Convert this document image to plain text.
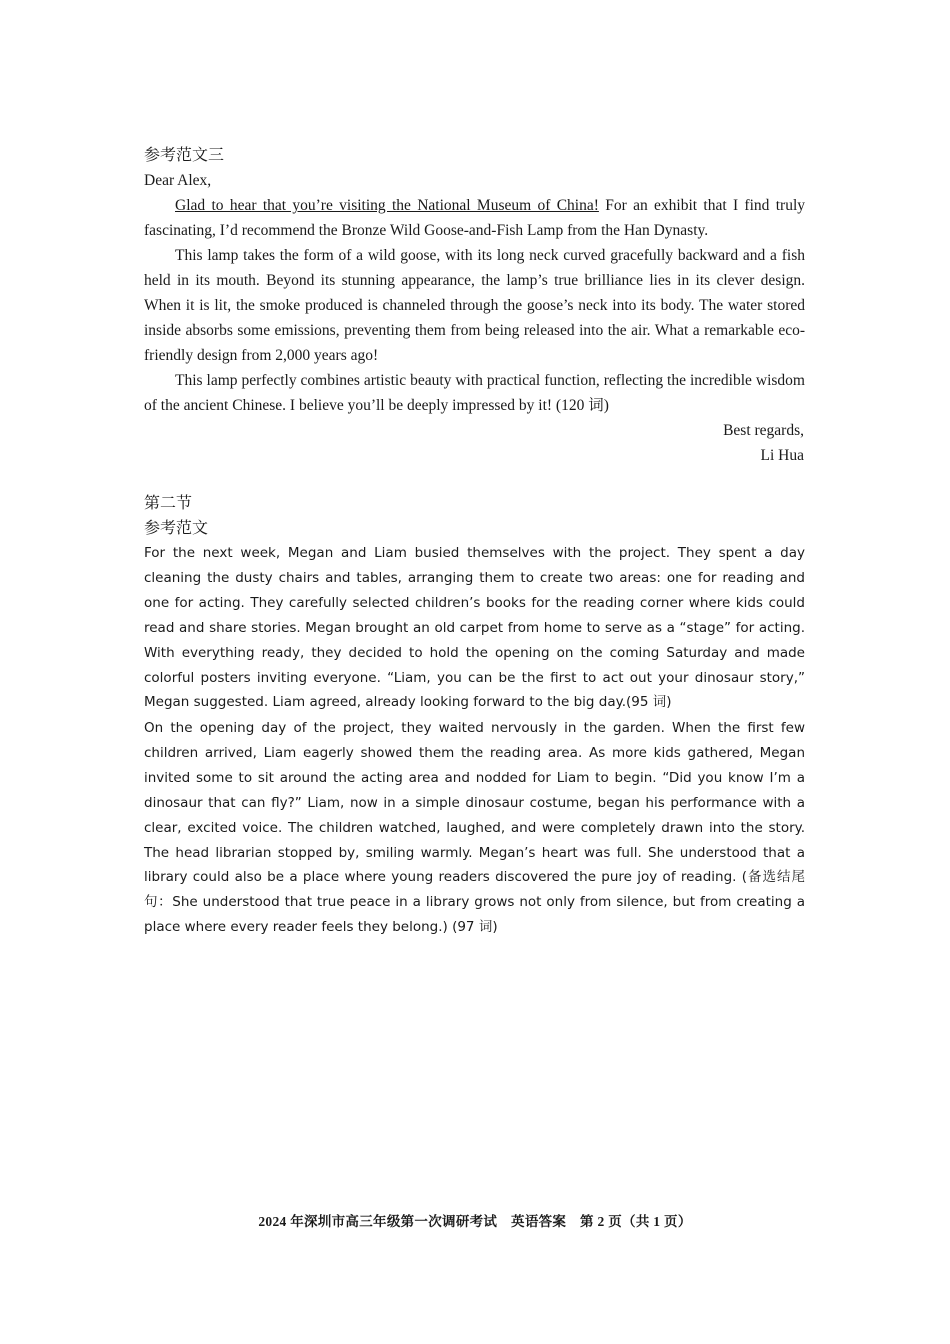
参考范文三
Dear Alex,

Glad to hear that you’re visiting the National Museum of China! For an exhibit that I find truly fascinating, I’d recommend the Bronze Wild Goose-and-Fish Lamp from the Han Dynasty.

This lamp takes the form of a wild goose, with its long neck curved gracefully backward and a fish held in its mouth. Beyond its stunning appearance, the lamp’s true brilliance lies in its clever design. When it is lit, the smoke produced is channeled through the goose’s neck into its body. The water stored inside absorbs some emissions, preventing them from being released into the air. What a remarkable eco-friendly design from 2,000 years ago!

This lamp perfectly combines artistic beauty with practical function, reflecting the incredible wisdom of the ancient Chinese. I believe you’ll be deeply impressed by it! (120 词)

Best regards,
Li Hua
第二节
参考范文

For the next week, Megan and Liam busied themselves with the project. They spent a day cleaning the dusty chairs and tables, arranging them to create two areas: one for reading and one for acting. They carefully selected children’s books for the reading corner where kids could read and share stories. Megan brought an old carpet from home to serve as a “stage” for acting. With everything ready, they decided to hold the opening on the coming Saturday and made colorful posters inviting everyone. “Liam, you can be the first to act out your dinosaur story,” Megan suggested. Liam agreed, already looking forward to the big day.(95 词)

On the opening day of the project, they waited nervously in the garden. When the first few children arrived, Liam eagerly showed them the reading area. As more kids gathered, Megan invited some to sit around the acting area and nodded for Liam to begin. “Did you know I’m a dinosaur that can fly?” Liam, now in a simple dinosaur costume, began his performance with a clear, excited voice. The children watched, laughed, and were completely drawn into the story. The head librarian stopped by, smiling warmly. Megan’s heart was full. She understood that a library could also be a place where young readers discovered the pure joy of reading. (备选结尾句：She understood that true peace in a library grows not only from silence, but from creating a place where every reader feels they belong.) (97 词)

2024 年深圳市高三年级第一次调研考试　英语答案　第 2 页（共 1 页）
